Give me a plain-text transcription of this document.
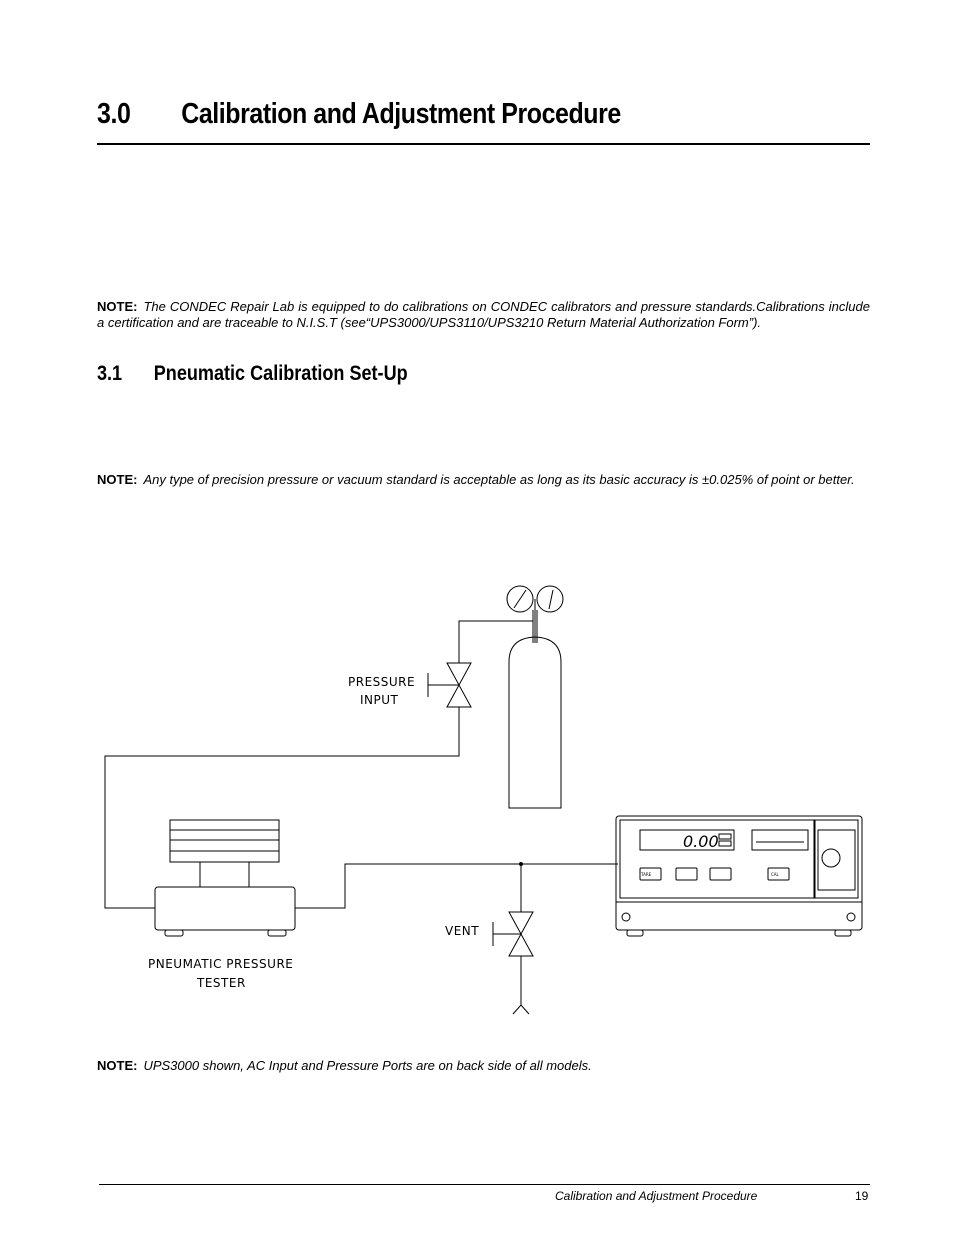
3.0 Calibration and Adjustment Procedure
NOTE: The CONDEC Repair Lab is equipped to do calibrations on CONDEC calibrators and pressure standards.Calibrations include a certification and are traceable to N.I.S.T (see“UPS3000/UPS3110/UPS3210 Return Material Authorization Form”).
3.1 Pneumatic Calibration Set-Up
NOTE: Any type of precision pressure or vacuum standard is acceptable as long as its basic accuracy is ±0.025% of point or better.
TARE	CAL
0.00
PRESSURE
INPUT
VENT
PNEUMATIC PRESSURE
TESTER
NOTE: UPS3000 shown, AC Input and Pressure Ports are on back side of all models.
Calibration and Adjustment Procedure	19
